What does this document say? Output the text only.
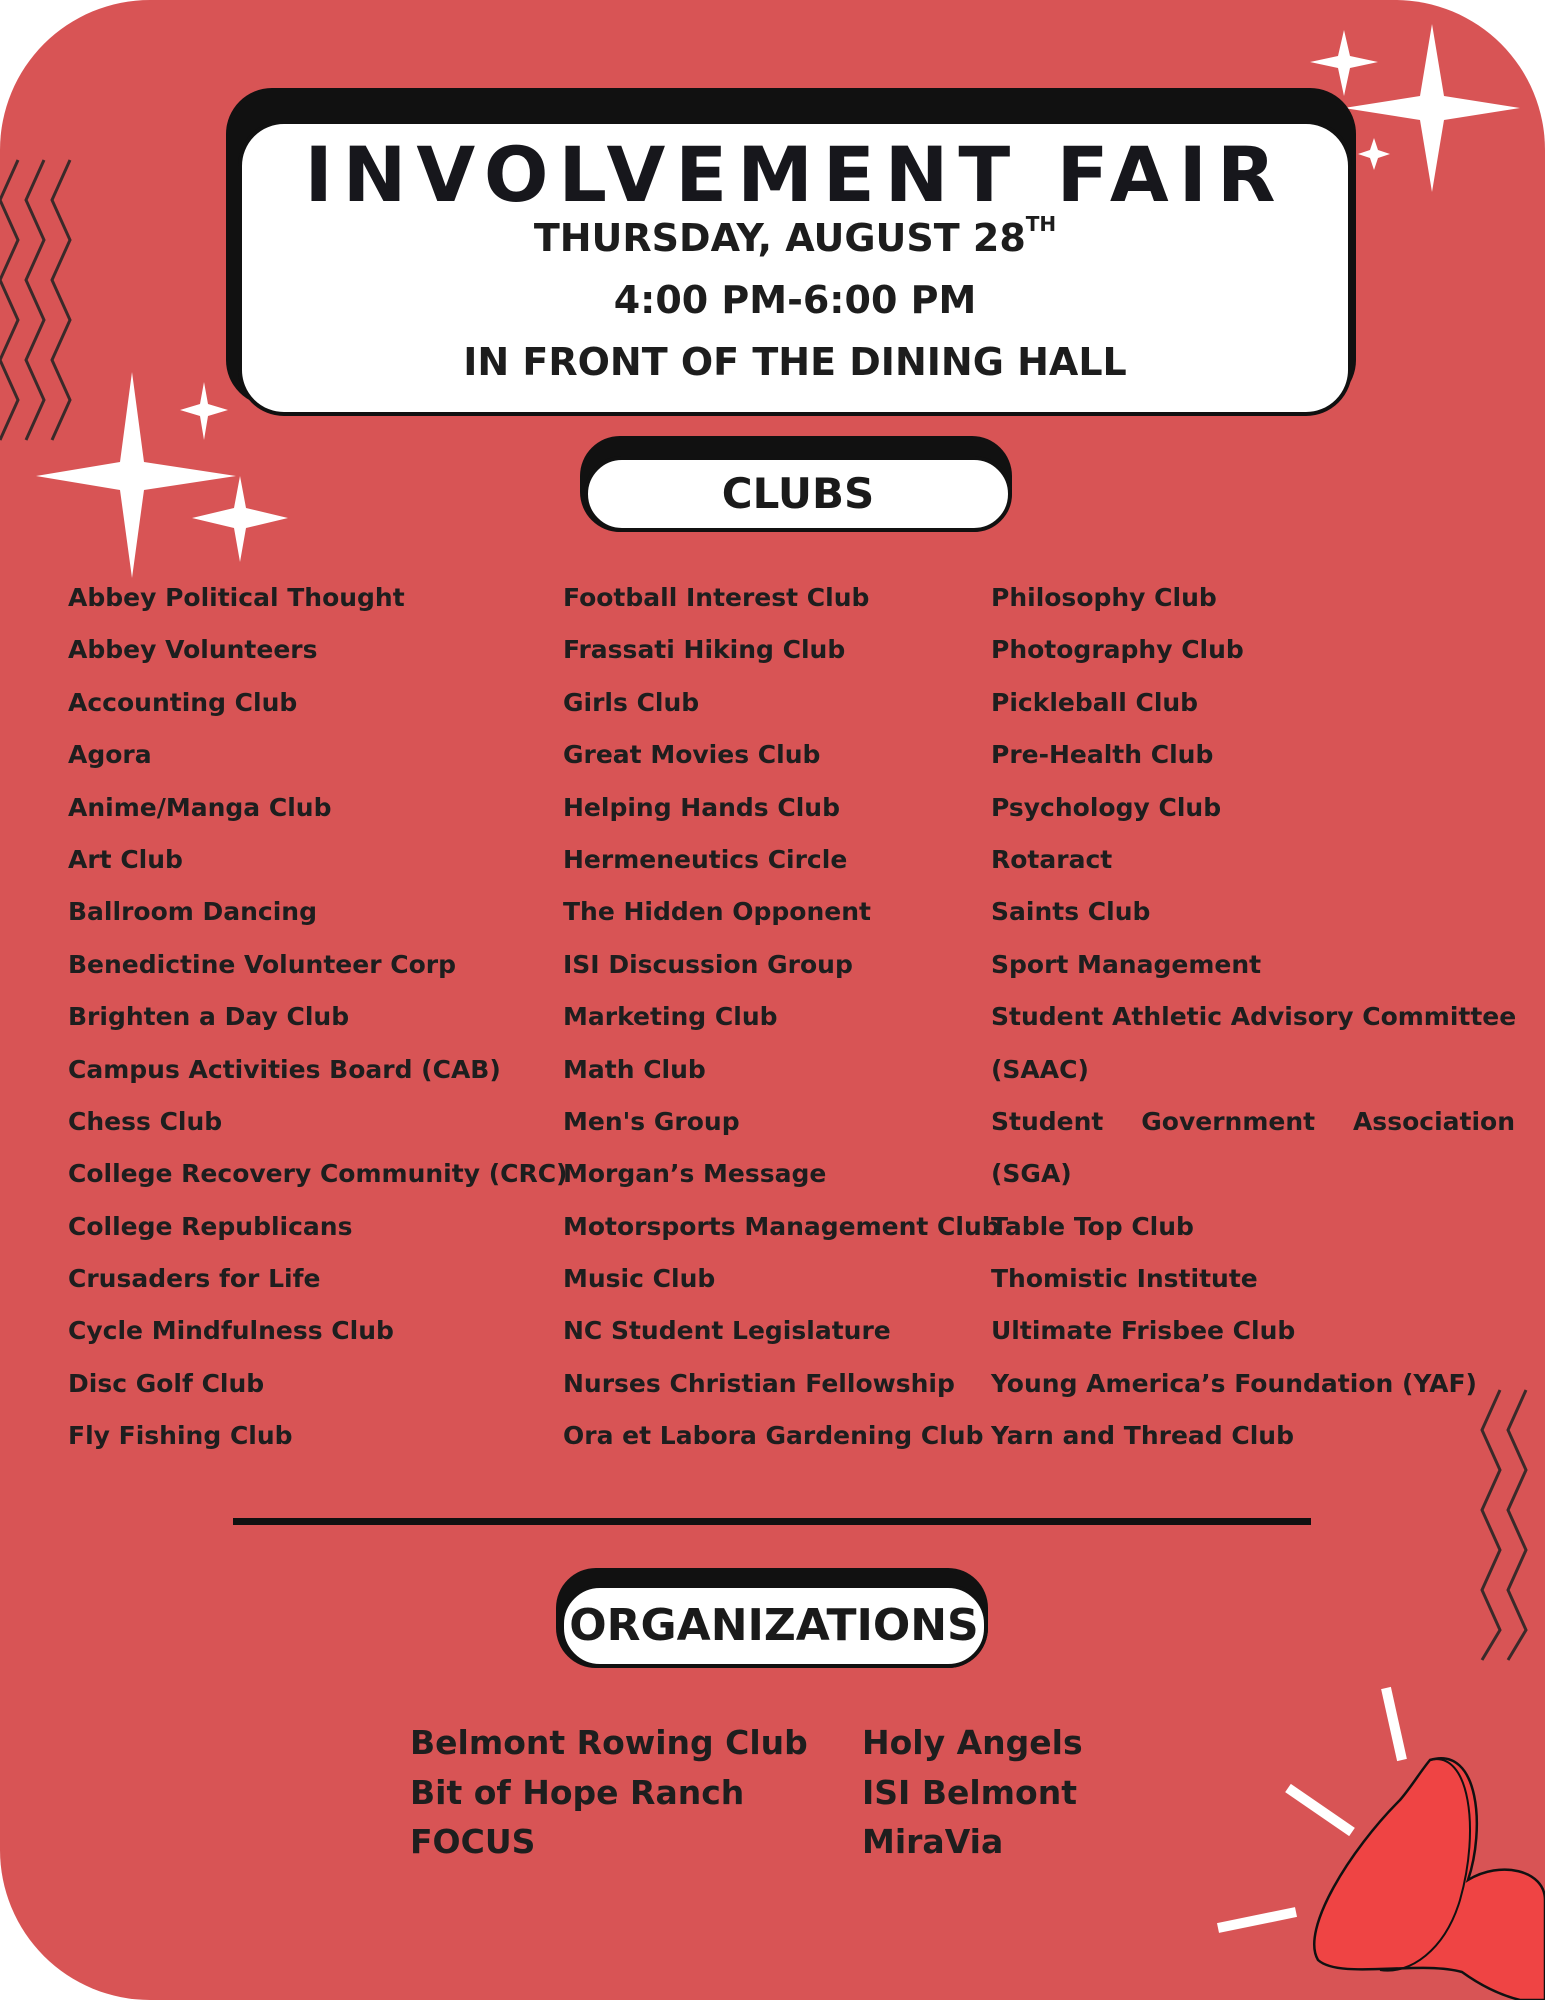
INVOLVEMENT FAIR
THURSDAY, AUGUST 28TH
4:00 PM-6:00 PM
IN FRONT OF THE DINING HALL
CLUBS
Abbey Political Thought
Abbey Volunteers
Accounting Club
Agora
Anime/Manga Club
Art Club
Ballroom Dancing
Benedictine Volunteer Corp
Brighten a Day Club
Campus Activities Board (CAB)
Chess Club
College Recovery Community (CRC)
College Republicans
Crusaders for Life
Cycle Mindfulness Club
Disc Golf Club
Fly Fishing Club
Football Interest Club
Frassati Hiking Club
Girls Club
Great Movies Club
Helping Hands Club
Hermeneutics Circle
The Hidden Opponent
ISI Discussion Group
Marketing Club
Math Club
Men's Group
Morgan’s Message
Motorsports Management Club
Music Club
NC Student Legislature
Nurses Christian Fellowship
Ora et Labora Gardening Club
Philosophy Club
Photography Club
Pickleball Club
Pre-Health Club
Psychology Club
Rotaract
Saints Club
Sport Management
Student Athletic Advisory Committee
(SAAC)
Student Government Association
(SGA)
Table Top Club
Thomistic Institute
Ultimate Frisbee Club
Young America’s Foundation (YAF)
Yarn and Thread Club
ORGANIZATIONS
Belmont Rowing Club
Bit of Hope Ranch
FOCUS
Holy Angels
ISI Belmont
MiraVia
